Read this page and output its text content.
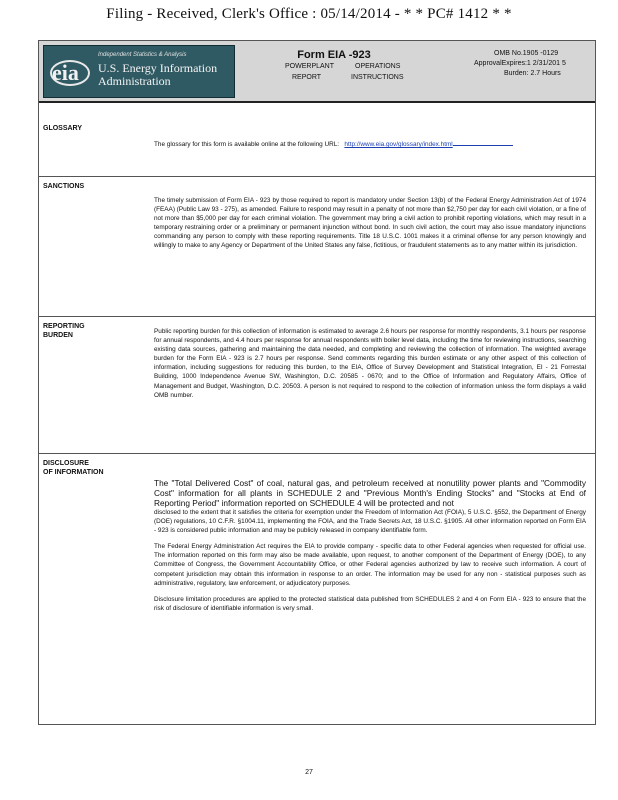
Filing - Received, Clerk's Office : 05/14/2014 - * * PC# 1412 * *
eia
Independent Statistics & Analysis
U.S. Energy Information
Administration
Form EIA -923
POWERPLANT	OPERATIONS
REPORT	INSTRUCTIONS
OMB No.1905 -0129
ApprovalExpires:1 2/31/201 5
Burden: 2.7 Hours
GLOSSARY
The glossary for this form is available online at the following URL: http://www.eia.gov/glossary/index.html
SANCTIONS

The timely submission of Form EIA - 923 by those required to report is mandatory under Section 13(b) of the Federal Energy Administration Act of 1974 (FEAA) (Public Law 93 - 275), as amended. Failure to respond may result in a penalty of not more than $2,750 per day for each civil violation, or a fine of not more than $5,000 per day for each criminal violation. The government may bring a civil action to prohibit reporting violations, which may result in a temporary restraining order or a preliminary or permanent injunction without bond. In such civil action, the court may also issue mandatory injunctions commanding any person to comply with these reporting requirements. Title 18 U.S.C. 1001 makes it a criminal offense for any person knowingly and willingly to make to any Agency or Department of the United States any false, fictitious, or fraudulent statements as to any matter within its jurisdiction.

REPORTING
BURDEN

Public reporting burden for this collection of information is estimated to average 2.6 hours per response for monthly respondents, 3.1 hours per response for annual respondents, and 4.4 hours per response for annual respondents with boiler level data, including the time for reviewing instructions, searching existing data sources, gathering and maintaining the data needed, and completing and reviewing the collection of information. The weighted average burden for the Form EIA - 923 is 2.7 hours per response. Send comments regarding this burden estimate or any other aspect of this collection of information, including suggestions for reducing this burden, to the EIA, Office of Survey Development and Statistical Integration, EI - 21 Forrestal Building, 1000 Independence Avenue SW, Washington, D.C. 20585 - 0670; and to the Office of Information and Regulatory Affairs, Office of Management and Budget, Washington, D.C. 20503. A person is not required to respond to the collection of information unless the form displays a valid OMB number.

DISCLOSURE
OF INFORMATION

The "Total Delivered Cost" of coal, natural gas, and petroleum received at nonutility power plants and "Commodity Cost" information for all plants in SCHEDULE 2 and "Previous Month's Ending Stocks" and "Stocks at End of Reporting Period" information reported on SCHEDULE 4 will be protected and not

disclosed to the extent that it satisfies the criteria for exemption under the Freedom of Information Act (FOIA), 5 U.S.C. §552, the Department of Energy (DOE) regulations, 10 C.F.R. §1004.11, implementing the FOIA, and the Trade Secrets Act, 18 U.S.C. §1905. All other information reported on Form EIA - 923 is considered public information and may be publicly released in company identifiable form.

The Federal Energy Administration Act requires the EIA to provide company - specific data to other Federal agencies when requested for official use. The information reported on this form may also be made available, upon request, to another component of the Department of Energy (DOE), to any Committee of Congress, the Government Accountability Office, or other Federal agencies authorized by law to receive such information. A court of competent jurisdiction may obtain this information in response to an order. The information may be used for any non - statistical purposes such as administrative, regulatory, law enforcement, or adjudicatory purposes.

Disclosure limitation procedures are applied to the protected statistical data published from SCHEDULES 2 and 4 on Form EIA - 923 to ensure that the risk of disclosure of identifiable information is very small.

27
